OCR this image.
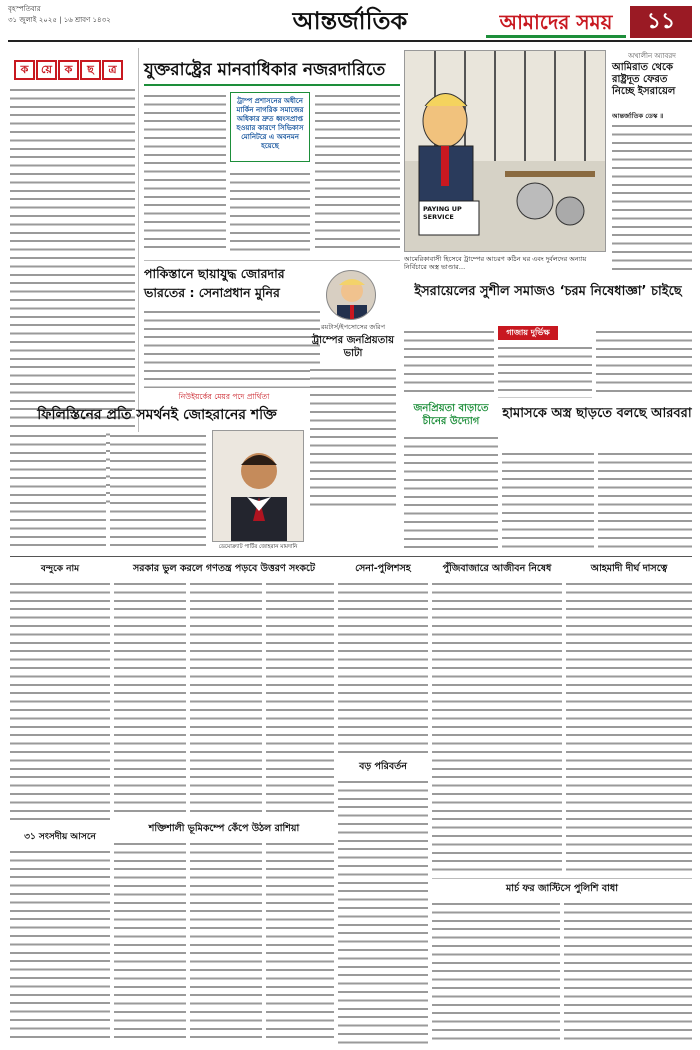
বৃহস্পতিবার
৩১ জুলাই ২০২৫ | ১৬ শ্রাবণ ১৪৩২	আন্তর্জাতিক	আমাদের সময়	১১
ক য়ে ক ছ ত্র	যুক্তরাষ্ট্রের মানবাধিকার নজরদারিতে
ট্রাম্প প্রশাসনের অধীনে মার্কিন নাগরিক সমাজের অধিকার দ্রুত ধ্বংসপ্রাপ্ত হওয়ার কারণে সিভিকাস মোনিটরে এ অবনমন হয়েছে
PAYING UP SERVICE
আমেরিকাবাসী হিসেবে ট্রাম্পের আচরণ কঠিন ঘর এবং দুর্বলদের অন্যায় নির্বিচারে অস্ত্র ভাণ্ডার…
অখালীন অ্যাবরদ
আমিরাত থেকে রাষ্ট্রদূত ফেরত নিচ্ছে ইসরায়েল
আন্তর্জাতিক ডেস্ক ॥
পাকিস্তানে ছায়াযুদ্ধ জোরদার ভারতের : সেনাপ্রধান মুনির
রয়টার্স/ইপসোসের জরিপ
ট্রাম্পের জনপ্রিয়তায় ভাটা
ইসরায়েলের সুশীল সমাজও ‘চরম নিষেধাজ্ঞা’ চাইছে
গাজায় দুর্ভিক্ষ
নিউইয়র্কের মেয়র পদে প্রার্থিতা
ফিলিস্তিনের প্রতি সমর্থনই জোহরানের শক্তি
ডেমোক্র্যাট পার্টির জোহরান মামদানি
জনপ্রিয়তা বাড়াতে চীনের উদ্যোগ
হামাসকে অস্ত্র ছাড়তে বলছে আরবরা
বন্দুকে নাম
৩১ সংসদীয় আসনে
সরকার ভুল করলে গণতন্ত্র পড়বে উত্তরণ সংকটে
শক্তিশালী ভূমিকম্পে কেঁপে উঠল রাশিয়া
সেনা-পুলিশসহ
বড় পরিবর্তন
পুঁজিবাজারে আজীবন নিষেধ	আহমাদী দীর্ঘ দাসত্বে
মার্চ ফর জাস্টিসে পুলিশি বাধা
